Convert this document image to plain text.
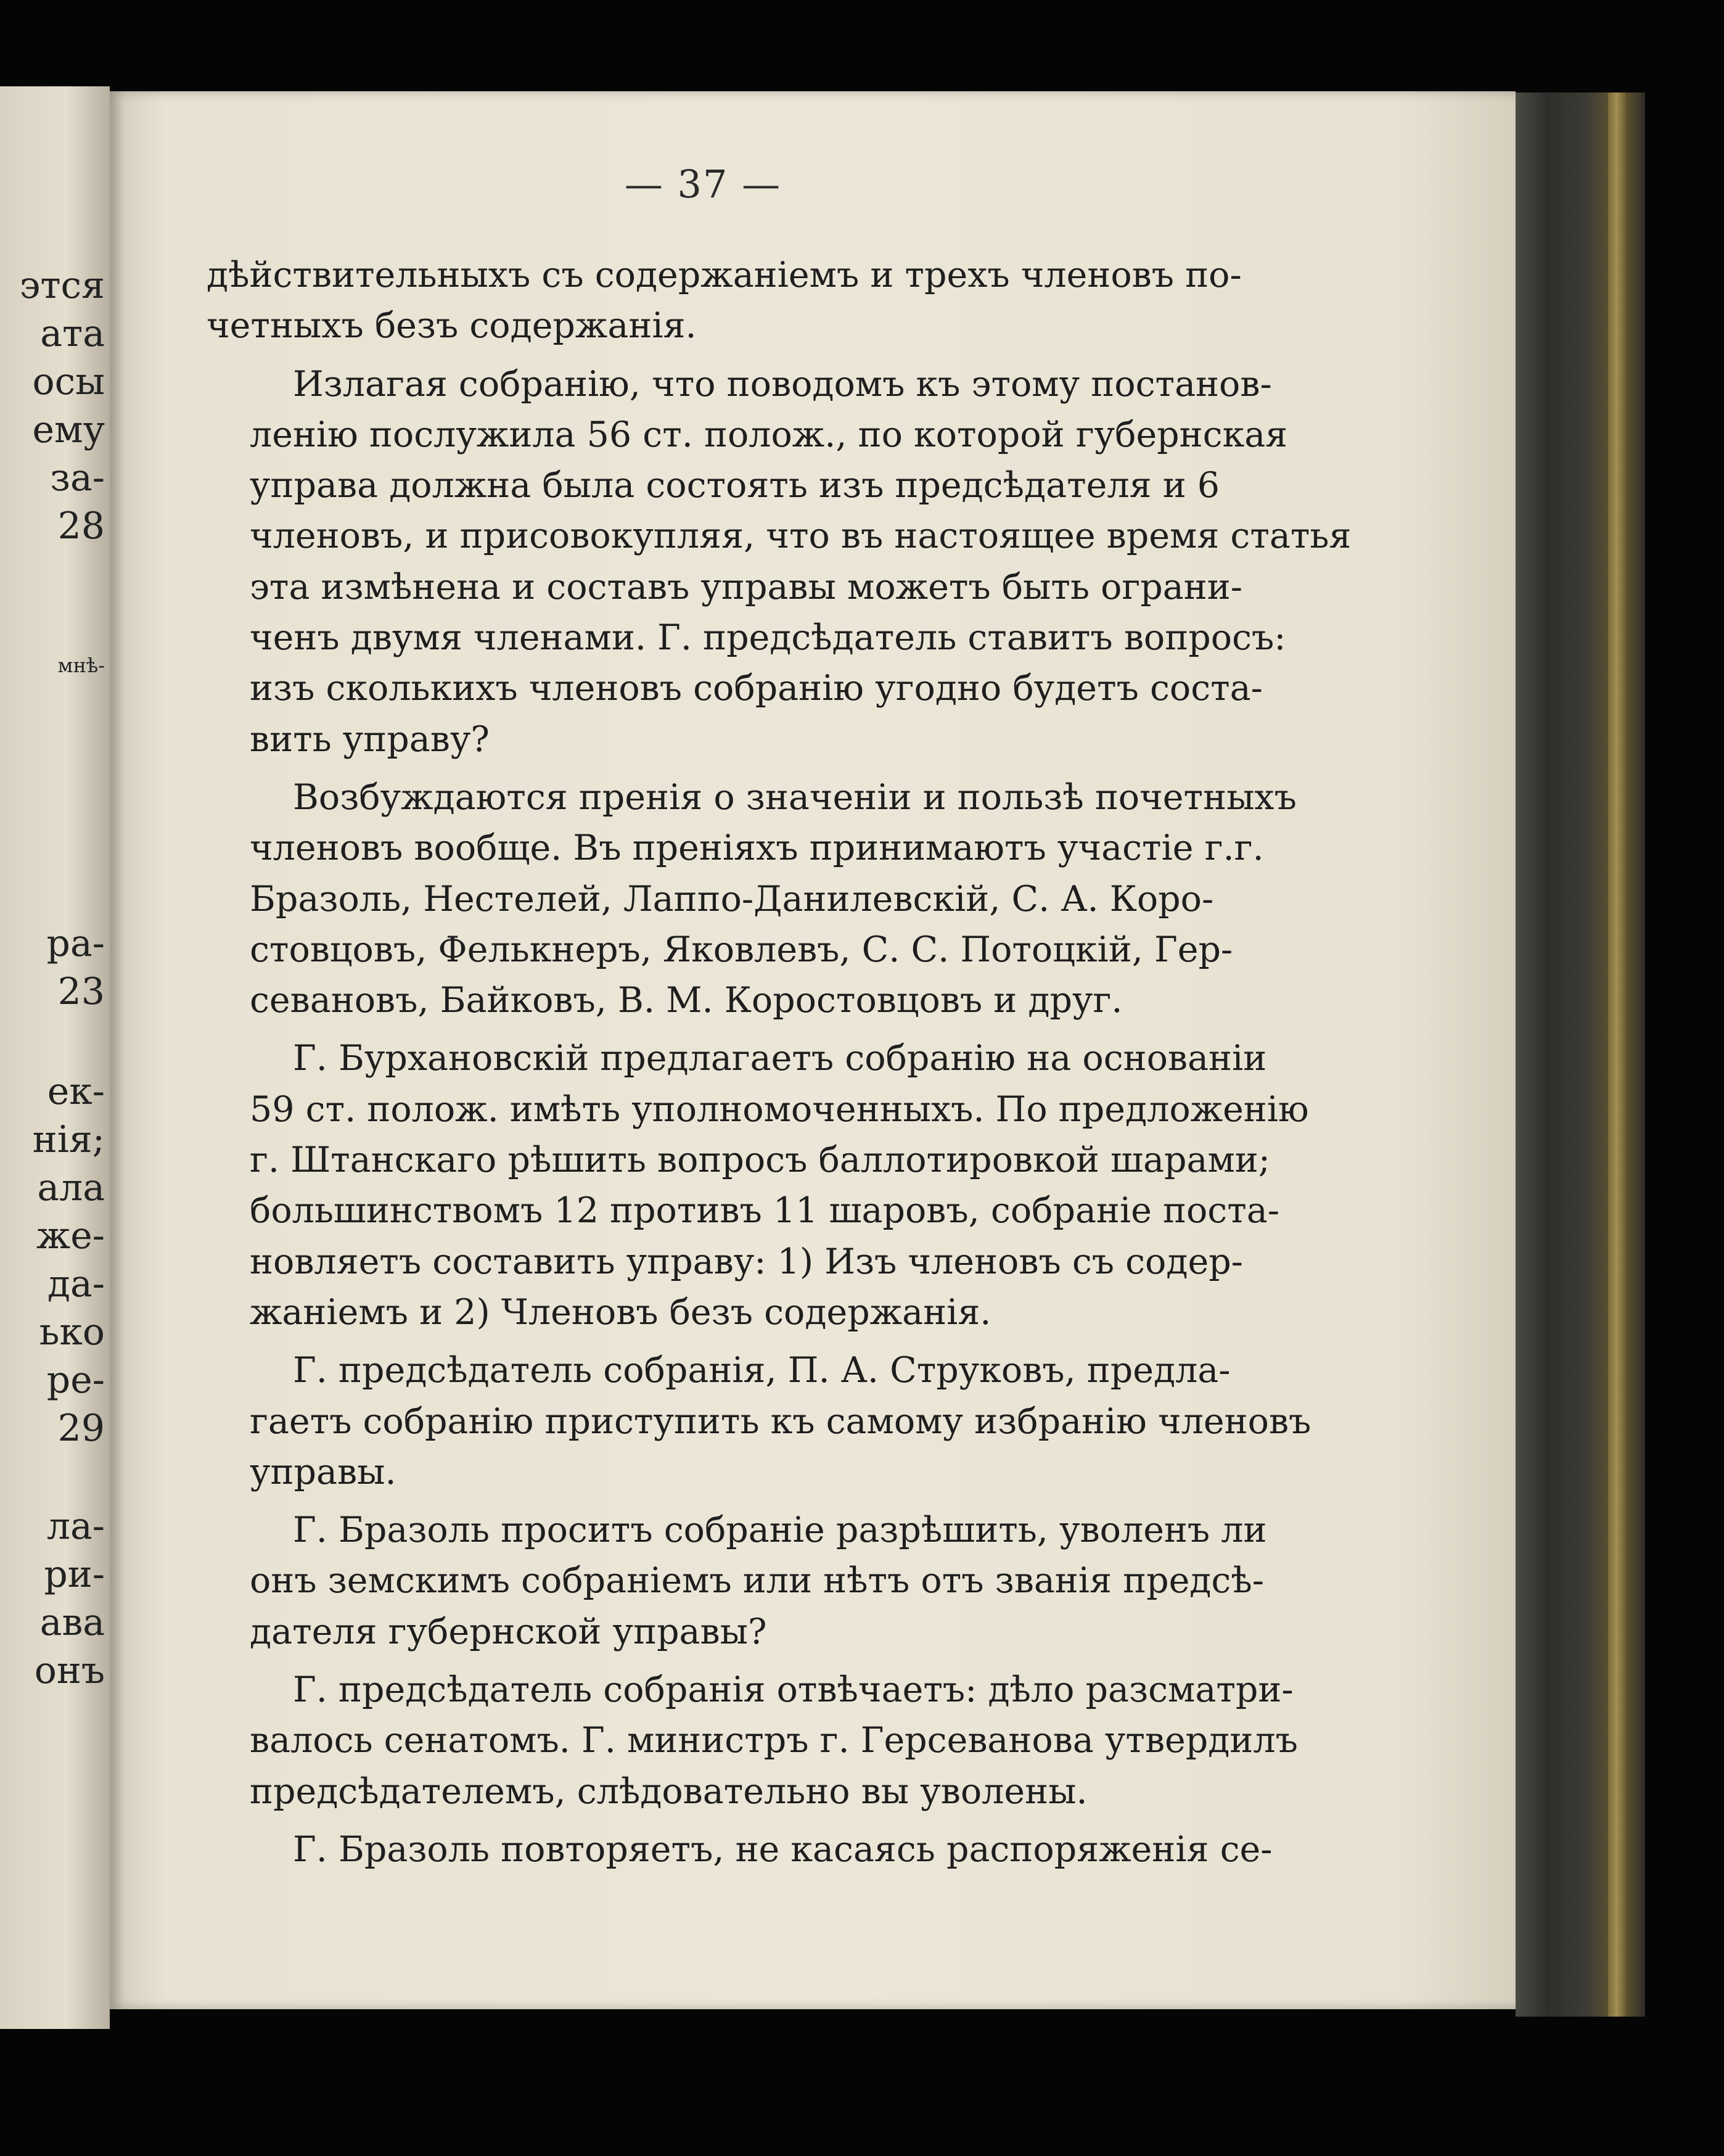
этся
ата
осы
ему
за-
28
мнѣ-
ра-
23
ек-
нія;
ала
же-
да-
ько
ре-
29
ла-
ри-
ава
онъ
— 37 —
дѣйствительныхъ съ содержаніемъ и трехъ членовъ по-
четныхъ безъ содержанія.
Излагая собранію, что поводомъ къ этому постанов-
ленію послужила 56 ст. полож., по которой губернская
управа должна была состоять изъ предсѣдателя и 6
членовъ, и присовокупляя, что въ настоящее время статья
эта измѣнена и составъ управы можетъ быть ограни-
ченъ двумя членами. Г. предсѣдатель ставитъ вопросъ:
изъ сколькихъ членовъ собранію угодно будетъ соста-
вить управу?
Возбуждаются пренія о значеніи и пользѣ почетныхъ
членовъ вообще. Въ преніяхъ принимаютъ участіе г.г.
Бразоль, Нестелей, Лаппо-Данилевскій, С. А. Коро-
стовцовъ, Фелькнеръ, Яковлевъ, С. С. Потоцкій, Гер-
севановъ, Байковъ, В. М. Коростовцовъ и друг.
Г. Бурхановскій предлагаетъ собранію на основаніи
59 ст. полож. имѣть уполномоченныхъ. По предложенію
г. Штанскаго рѣшить вопросъ баллотировкой шарами;
большинствомъ 12 противъ 11 шаровъ, собраніе поста-
новляетъ составить управу: 1) Изъ членовъ съ содер-
жаніемъ и 2) Членовъ безъ содержанія.
Г. предсѣдатель собранія, П. А. Струковъ, предла-
гаетъ собранію приступить къ самому избранію членовъ
управы.
Г. Бразоль проситъ собраніе разрѣшить, уволенъ ли
онъ земскимъ собраніемъ или нѣтъ отъ званія предсѣ-
дателя губернской управы?
Г. предсѣдатель собранія отвѣчаетъ: дѣло разсматри-
валось сенатомъ. Г. министръ г. Герсеванова утвердилъ
предсѣдателемъ, слѣдовательно вы уволены.
Г. Бразоль повторяетъ, не касаясь распоряженія се-
